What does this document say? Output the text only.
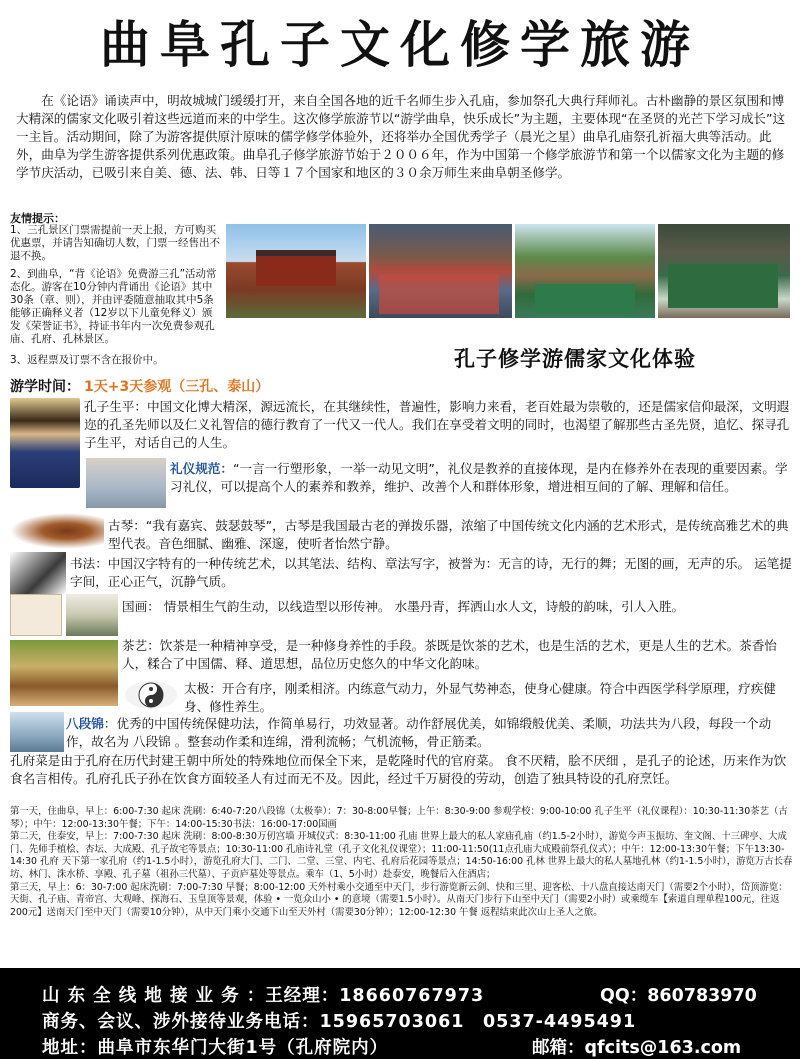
曲阜孔子文化修学旅游
在《论语》诵读声中，明故城城门缓缓打开，来自全国各地的近千名师生步入孔庙，参加祭孔大典行拜师礼。古朴幽静的景区氛围和博大精深的儒家文化吸引着这些远道而来的中学生。这次修学旅游节以“游学曲阜，快乐成长”为主题，主要体现“在圣贤的光芒下学习成长”这一主旨。活动期间，除了为游客提供原汁原味的儒学修学体验外，还将举办全国优秀学子（晨光之星）曲阜孔庙祭孔祈福大典等活动。此外，曲阜为学生游客提供系列优惠政策。曲阜孔子修学旅游节始于２００６年，作为中国第一个修学旅游节和第一个以儒家文化为主题的修学节庆活动，已吸引来自美、德、法、韩、日等１７个国家和地区的３０余万师生来曲阜朝圣修学。
友情提示：
1、三孔景区门票需提前一天上报，方可购买优惠票，并请告知确切人数，门票一经售出不退不换。
2、到曲阜，“背《论语》免费游三孔”活动常态化。游客在10分钟内背诵出《论语》其中30条（章、则），并由评委随意抽取其中5条能够正确释义者（12岁以下儿童免释义）颁发《荣誉证书》，持证书年内一次免费参观孔庙、孔府、孔林景区。
3、返程票及订票不含在报价中。	孔子修学游儒家文化体验
游学时间： 1天+3天参观（三孔、泰山）
孔子生平：中国文化博大精深，源远流长，在其继续性，普遍性，影响力来看，老百姓最为崇敬的，还是儒家信仰最深，文明遐迩的孔圣先师以及仁义礼智信的德行教育了一代又一代人。我们在享受着文明的同时，也渴望了解那些古圣先贤，追忆、探寻孔子生平，对话自己的人生。
礼仪规范：“一言一行塑形象，一举一动见文明”，礼仪是教养的直接体现，是内在修养外在表现的重要因素。学习礼仪，可以提高个人的素养和教养，维护、改善个人和群体形象，增进相互间的了解、理解和信任。
古琴：“我有嘉宾、鼓瑟鼓琴”，古琴是我国最古老的弹拨乐器，浓缩了中国传统文化内涵的艺术形式，是传统高雅艺术的典型代表。音色细腻、幽雅、深邃，使听者怡然宁静。
书法：中国汉字特有的一种传统艺术，以其笔法、结构、章法写字，被誉为：无言的诗，无行的舞；无图的画，无声的乐。 运笔提字间，正心正气，沉静气质。
国画： 情景相生气韵生动，以线造型以形传神。 水墨丹青，挥洒山水人文，诗般的韵味，引人入胜。
茶艺：饮茶是一种精神享受，是一种修身养性的手段。茶既是饮茶的艺术，也是生活的艺术，更是人生的艺术。茶香怡人，糅合了中国儒、释、道思想，品位历史悠久的中华文化韵味。
太极：开合有序，刚柔相济。内练意气动力，外显气势神态，使身心健康。符合中西医学科学原理，疗疾健身、修性养生。
八段锦：优秀的中国传统保健功法，作简单易行，功效显著。动作舒展优美，如锦缎般优美、柔顺，功法共为八段，每段一个动作，故名为 八段锦 。整套动作柔和连绵，滑利流畅；气机流畅，骨正筋柔。
孔府菜是由于孔府在历代封建王朝中所处的特殊地位而保全下来，是乾隆时代的官府菜。 食不厌精，脍不厌细 ，是孔子的论述，历来作为饮食名言相传。孔府孔氏子孙在饮食方面较圣人有过而无不及。因此，经过千万厨役的劳动，创造了独具特设的孔府烹饪。
第一天，住曲阜，早上：6:00-7:30 起床 洗刷：6:40-7:20八段锦（太极拳）：7：30-8:00早餐；上午：8:30-9:00 参观学校：9:00-10:00 孔子生平（礼仪课程）：10:30-11:30茶艺（古琴）；中午：12:00-13:30午餐；下午：14:00-15:30书法：16:00-17:00国画
第二天，住泰安，早上：7:00-7:30 起床 洗刷：8:00-8:30万仞宫墙 开城仪式：8:30-11:00 孔庙 世界上最大的私人家庙孔庙（约1.5-2小时），游览今声玉振坊、奎文阁、十三碑亭、大成门、先师手植桧、杏坛、大成殿、孔子故宅等景点；10:30-11:00 孔庙诗礼堂（孔子文化礼仪课堂）；11:00-11:50(11点孔庙大成殿前祭孔仪式）；中午：12:00-13:30午餐；下午13:30-14:30 孔府 天下第一家孔府（约1-1.5小时），游览孔府大门、二门、二堂、三堂、内宅、孔府后花园等景点；14:50-16:00 孔林 世界上最大的私人墓地孔林（约1-1.5小时），游览万古长春坊、林门、洙水桥、享殿、孔子墓（祖孙三代墓）、子贡庐墓处等景点。乘车（1、5小时）赴泰安，晚餐后入住酒店；
第三天，早上：6：30-7:00 起床洗刷：7:00-7:30 早餐；8:00-12:00 天外村乘小交通至中天门，步行游览新云剑、快和三里、迎客松、十八盘直接达南天门（需要2个小时），岱顶游览：天街、孔子庙、青帝宫、大观峰、探海石、玉皇顶等景观，体验 • 一览众山小 • 的意境（需要1.5小时）。从南天门步行下山至中天门（需要2小时）或乘缆车【索道自理单程100元，往返200元】送南天门至中天门（需要10分钟），从中天门乘小交通下山至天外村（需要30分钟）；12:00-12:30 午餐 返程结束此次山上圣人之旅。
山 东 全 线 地 接 业 务 ：王经理：18660767973	QQ：860783970
商务、会议、涉外接待业务电话：15965703061　0537-4495491
地址：曲阜市东华门大街1号（孔府院内）	邮箱：qfcits@163.com
